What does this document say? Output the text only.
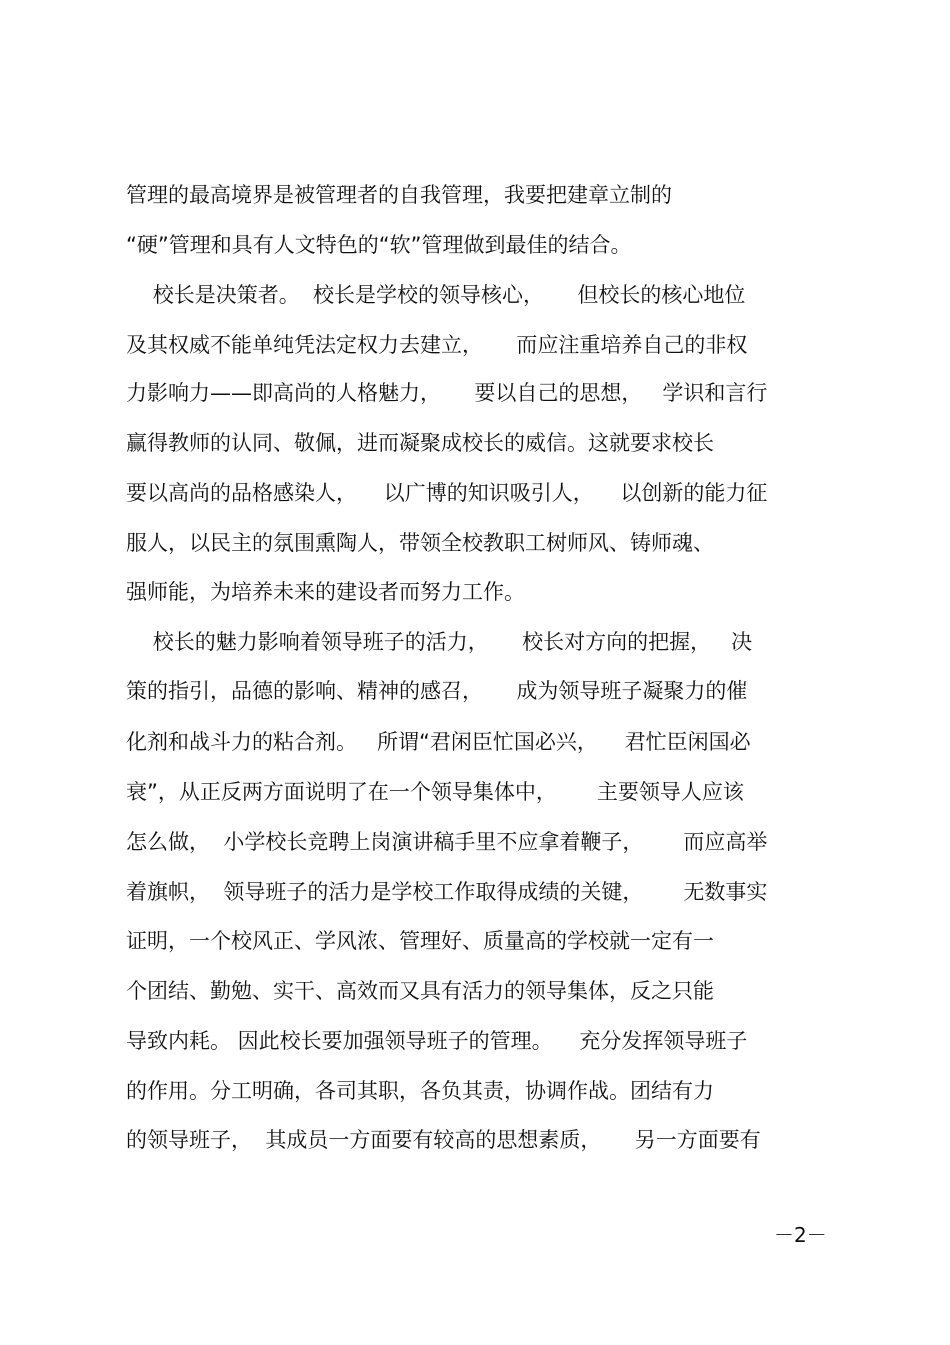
管理的最高境界是被管理者的自我管理，我要把建章立制的
“硬”管理和具有人文特色的“软”管理做到最佳的结合。
校长是决策者。  校长是学校的领导核心，     但校长的核心地位
及其权威不能单纯凭法定权力去建立，     而应注重培养自己的非权
力影响力——即高尚的人格魅力，     要以自己的思想，   学识和言行
赢得教师的认同、敬佩，进而凝聚成校长的威信。这就要求校长
要以高尚的品格感染人，    以广博的知识吸引人，    以创新的能力征
服人，以民主的氛围熏陶人，带领全校教职工树师风、铸师魂、
强师能，为培养未来的建设者而努力工作。
校长的魅力影响着领导班子的活力，     校长对方向的把握，   决
策的指引，品德的影响、精神的感召，     成为领导班子凝聚力的催
化剂和战斗力的粘合剂。   所谓“君闲臣忙国必兴，    君忙臣闲国必
衰”，从正反两方面说明了在一个领导集体中，      主要领导人应该
怎么做，  小学校长竞聘上岗演讲稿手里不应拿着鞭子，      而应高举
着旗帜，  领导班子的活力是学校工作取得成绩的关键，      无数事实
证明，一个校风正、学风浓、管理好、质量高的学校就一定有一
个团结、勤勉、实干、高效而又具有活力的领导集体，反之只能
导致内耗。 因此校长要加强领导班子的管理。    充分发挥领导班子
的作用。分工明确，各司其职，各负其责，协调作战。团结有力
的领导班子，  其成员一方面要有较高的思想素质，     另一方面要有
－2－
